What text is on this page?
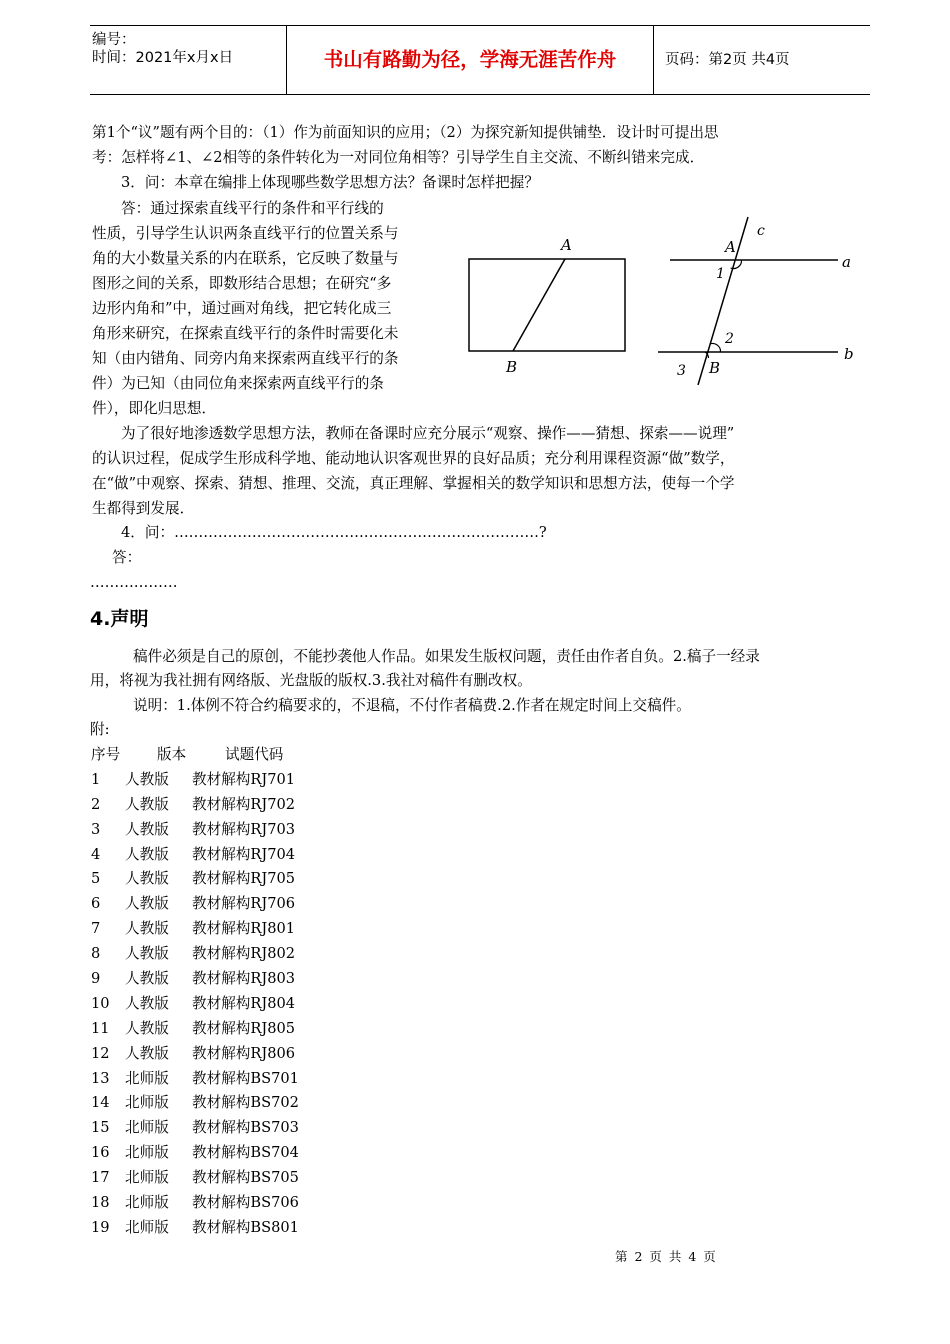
编号：
时间：2021年x月x日	书山有路勤为径，学海无涯苦作舟	页码：第2页 共4页
第1个“议”题有两个目的：（1）作为前面知识的应用；（2）为探究新知提供铺垫．设计时可提出思
考：怎样将∠1、∠2相等的条件转化为一对同位角相等？引导学生自主交流、不断纠错来完成．
3．问：本章在编排上体现哪些数学思想方法？备课时怎样把握？
答：通过探索直线平行的条件和平行线的
性质，引导学生认识两条直线平行的位置关系与
角的大小数量关系的内在联系，它反映了数量与
图形之间的关系，即数形结合思想；在研究“多
边形内角和”中，通过画对角线，把它转化成三
角形来研究，在探索直线平行的条件时需要化未
知（由内错角、同旁内角来探索两直线平行的条
件）为已知（由同位角来探索两直线平行的条
件），即化归思想．
A
B
A
c
a
b
1
2
3 B
为了很好地渗透数学思想方法，教师在备课时应充分展示“观察、操作——猜想、探索——说理”
的认识过程，促成学生形成科学地、能动地认识客观世界的良好品质；充分利用课程资源“做”数学，
在“做”中观察、探索、猜想、推理、交流，真正理解、掌握相关的数学知识和思想方法，使每一个学
生都得到发展．
4．问：…………………………………………………………………?
答：
………………
4.声明
稿件必须是自己的原创，不能抄袭他人作品。如果发生版权问题，责任由作者自负。2.稿子一经录
用，将视为我社拥有网络版、光盘版的版权.3.我社对稿件有删改权。
说明：1.体例不符合约稿要求的，不退稿，不付作者稿费.2.作者在规定时间上交稿件。
附:
序号	版本	试题代码
1 人教版 教材解构RJ701
2 人教版 教材解构RJ702
3 人教版 教材解构RJ703
4 人教版 教材解构RJ704
5 人教版 教材解构RJ705
6 人教版 教材解构RJ706
7 人教版 教材解构RJ801
8 人教版 教材解构RJ802
9 人教版 教材解构RJ803
10 人教版 教材解构RJ804
11 人教版 教材解构RJ805
12 人教版 教材解构RJ806
13 北师版 教材解构BS701
14 北师版 教材解构BS702
15 北师版 教材解构BS703
16 北师版 教材解构BS704
17 北师版 教材解构BS705
18 北师版 教材解构BS706
19 北师版 教材解构BS801
第 2 页 共 4 页
